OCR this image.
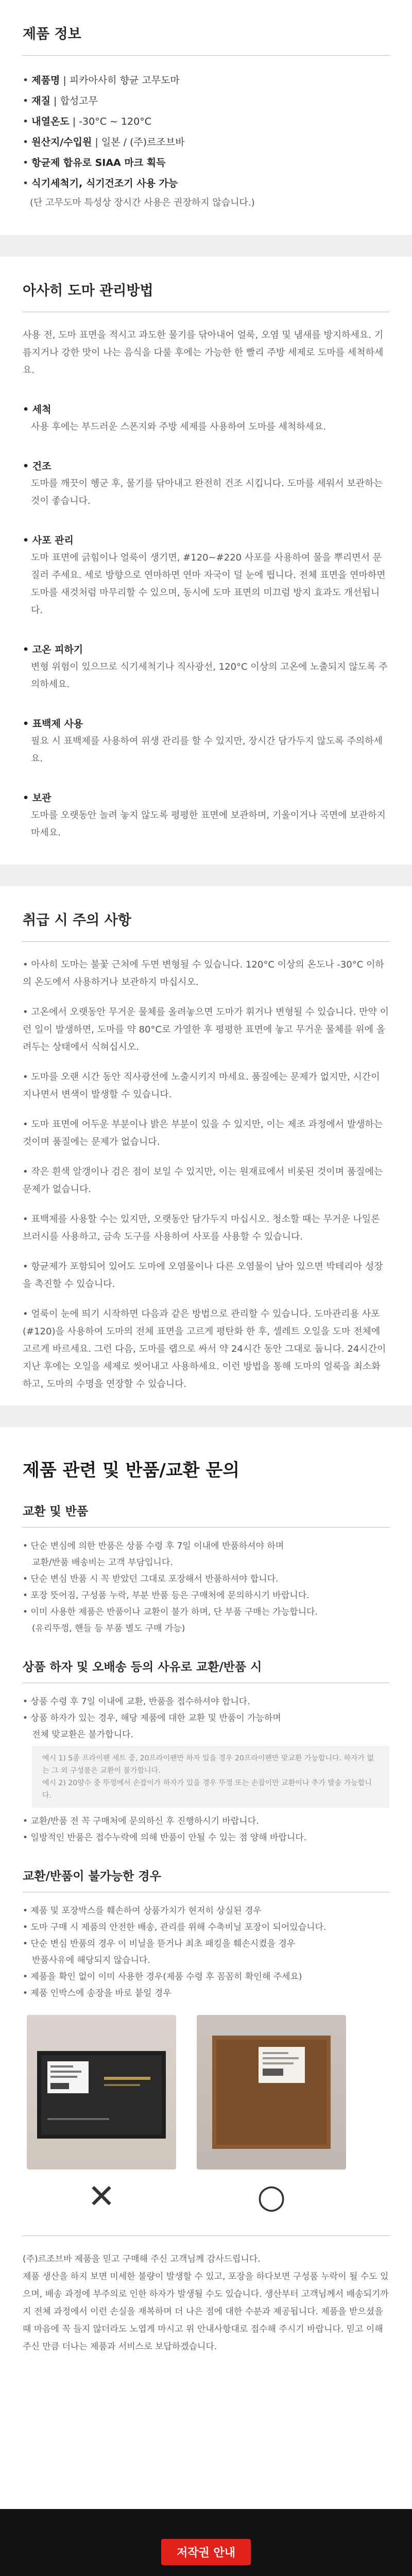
제품 정보
• 제품명 | 피카아사히 향균 고무도마
• 재질 | 합성고무
• 내열온도 | -30°C ~ 120°C
• 원산지/수입원 | 일본 / (주)르조브바
• 항균제 합유로 SIAA 마크 획득
• 식기세척기, 식기건조기 사용 가능

(단 고무도마 특성상 장시간 사용은 권장하지 않습니다.)

아사히 도마 관리방법

사용 전, 도마 표면을 적시고 과도한 물기를 닦아내어 얼룩, 오염 및 냄새를 방지하세요. 기름지거나 강한 맛이 나는 음식을 다룰 후에는 가능한 한 빨리 주방 세제로 도마를 세척하세요.

• 세척

사용 후에는 부드러운 스폰지와 주방 세제를 사용하여 도마를 세척하세요.

• 건조

도마를 깨끗이 헹군 후, 물기를 닦아내고 완전히 건조 시킵니다. 도마를 세워서 보관하는 것이 좋습니다.

• 사포 관리

도마 표면에 긁힘이나 얼룩이 생기면, #120~#220 사포를 사용하여 물을 뿌리면서 문질러 주세요. 세로 방향으로 연마하면 연마 자국이 덜 눈에 띕니다. 전체 표면을 연마하면 도마를 새것처럼 마무리할 수 있으며, 동시에 도마 표면의 미끄럼 방지 효과도 개선됩니다.

• 고온 피하기

변형 위험이 있으므로 식기세척기나 직사광선, 120°C 이상의 고온에 노출되지 않도록 주의하세요.

• 표백제 사용

필요 시 표백제를 사용하여 위생 관리를 할 수 있지만, 장시간 담가두지 않도록 주의하세요.

• 보관

도마를 오랫동안 놀려 놓지 않도록 평평한 표면에 보관하며, 기울이거나 곡면에 보관하지 마세요.

취급 시 주의 사항

• 아사히 도마는 불꽃 근처에 두면 변형될 수 있습니다. 120°C 이상의 온도나 -30°C 이하의 온도에서 사용하거나 보관하지 마십시오.

• 고온에서 오랫동안 무거운 물체를 올려놓으면 도마가 휘거나 변형될 수 있습니다. 만약 이런 일이 발생하면, 도마를 약 80°C로 가열한 후 평평한 표면에 놓고 무거운 물체를 위에 올려두는 상태에서 식혀십시오.

• 도마를 오랜 시간 동안 직사광선에 노출시키지 마세요. 품질에는 문제가 없지만, 시간이 지나면서 변색이 발생할 수 있습니다.

• 도마 표면에 어두운 부분이나 밝은 부분이 있을 수 있지만, 이는 제조 과정에서 발생하는 것이며 품질에는 문제가 없습니다.

• 작은 흰색 알갱이나 검은 점이 보일 수 있지만, 이는 원재료에서 비롯된 것이며 품질에는 문제가 없습니다.

• 표백제를 사용할 수는 있지만, 오랫동안 담가두지 마십시오. 청소할 때는 무거운 나일론 브러시를 사용하고, 금속 도구를 사용하여 사포를 사용할 수 있습니다.

• 항균제가 포함되어 있어도 도마에 오염물이나 다른 오염물이 남아 있으면 박테리아 성장을 촉진할 수 있습니다.

• 얼룩이 눈에 띄기 시작하면 다음과 같은 방법으로 관리할 수 있습니다. 도마관리용 사포 (#120)을 사용하여 도마의 전체 표면을 고르게 평탄화 한 후, 셀레트 오일을 도마 전체에 고르게 바르세요. 그런 다음, 도마를 랩으로 싸서 약 24시간 동안 그대로 둡니다. 24시간이 지난 후에는 오일을 세제로 씻어내고 사용하세요. 이런 방법을 통해 도마의 얼룩을 최소화 하고, 도마의 수명을 연장할 수 있습니다.

제품 관련 및 반품/교환 문의
교환 및 반품
• 단순 변심에 의한 반품은 상품 수령 후 7일 이내에 반품하셔야 하며
교환/반품 배송비는 고객 부담입니다.
• 단순 변심 반품 시 꼭 받았던 그대로 포장해서 반품하셔야 합니다.
• 포장 뜻어짐, 구성품 누락, 부분 반품 등은 구매처에 문의하시기 바랍니다.
• 이미 사용한 제품은 반품이나 교환이 불가 하며, 단 부품 구매는 가능합니다.
(유리뚜껑, 핸들 등 부품 별도 구매 가능)
상품 하자 및 오배송 등의 사유로 교환/반품 시
• 상품 수령 후 7일 이내에 교환, 반품을 접수하셔야 합니다.
• 상품 하자가 있는 경우, 해당 제품에 대한 교환 및 반품이 가능하며
전체 맞교환은 불가합니다.

예시 1) 5종 프라이팬 세트 중, 20프라이팬만 하자 있을 경우 20프라이팬만 맞교환 가능합니다. 하자가 없는 그 외 구성품은 교환이 불가합니다.

예시 2) 20양수 중 뚜껑에서 손잡이가 하자가 있을 경우 뚜껑 또는 손잡이만 교환이나 추가 발송 가능합니다.

• 교환/반품 전 꼭 구매처에 문의하신 후 진행하시기 바랍니다.
• 일방적인 반품은 접수누락에 의해 반품이 안될 수 있는 점 양해 바랍니다.
교환/반품이 불가능한 경우
• 제품 및 포장박스를 훼손하여 상품가치가 현저히 상실된 경우
• 도마 구매 시 제품의 안전한 배송, 관리를 위해 수축비닐 포장이 되어있습니다.
• 단순 변심 반품의 경우 이 비닐을 뜯거나 최초 패킹을 훼손시켰을 경우
반품사유에 해당되지 않습니다.
• 제품을 확인 없이 이미 사용한 경우(제품 수령 후 꼼꼼히 확인해 주세요)
• 제품 인박스에 송장을 바로 붙일 경우
✕	○

(주)르조브바 제품을 믿고 구매해 주신 고객님께 감사드립니다.

제품 생산을 하지 보면 미세한 불량이 발생할 수 있고, 포장을 하다보면 구성품 누락이 될 수도 있으며, 배송 과정에 부주의로 인한 하자가 발생될 수도 있습니다. 생산부터 고객님께서 배송되기까지 전체 과정에서 이런 손실을 재복하며 더 나은 점에 대한 수분과 제공됩니다. 제품을 받으셨을 때 마음에 꼭 들지 않더라도 노엽게 마시고 위 안내사항대로 접수해 주시기 바랍니다. 믿고 이해주신 만큼 더나는 제품과 서비스로 보답하겠습니다.

저작권 안내
